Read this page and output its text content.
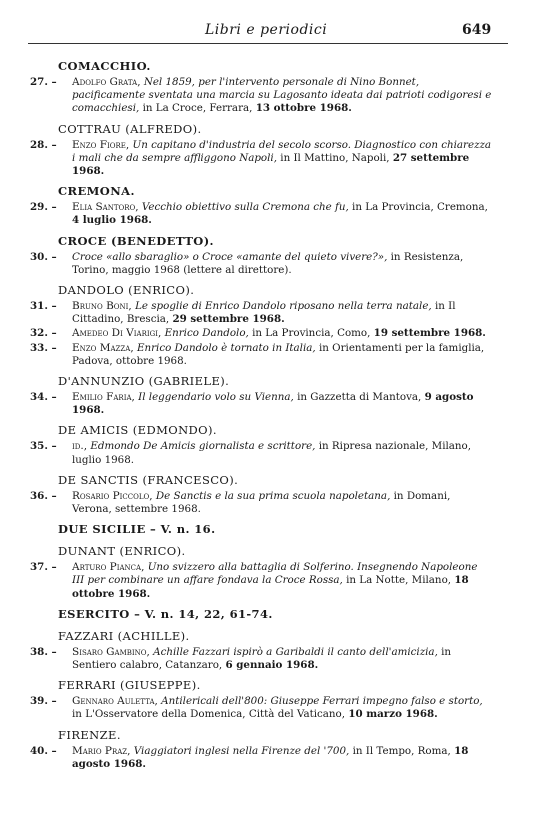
Libri e periodici	649
COMACCHIO.
27. –	Adolfo Grata, Nel 1859, per l'intervento personale di Nino Bonnet, pacificamente sventata una marcia su Lagosanto ideata dai patrioti codigoresi e comacchiesi, in La Croce, Ferrara, 13 ottobre 1968.
COTTRAU (ALFREDO).
28. –	Enzo Fiore, Un capitano d'industria del secolo scorso. Diagnostico con chiarezza i mali che da sempre affliggono Napoli, in Il Mattino, Napoli, 27 settembre 1968.
CREMONA.
29. –	Elia Santoro, Vecchio obiettivo sulla Cremona che fu, in La Provincia, Cremona, 4 luglio 1968.
CROCE (BENEDETTO).
30. –	Croce «allo sbaraglio» o Croce «amante del quieto vivere?», in Resistenza, Torino, maggio 1968 (lettere al direttore).
DANDOLO (ENRICO).
31. –	Bruno Boni, Le spoglie di Enrico Dandolo riposano nella terra natale, in Il Cittadino, Brescia, 29 settembre 1968.
32. –	Amedeo Di Viarigi, Enrico Dandolo, in La Provincia, Como, 19 settembre 1968.
33. –	Enzo Mazza, Enrico Dandolo è tornato in Italia, in Orientamenti per la famiglia, Padova, ottobre 1968.
D'ANNUNZIO (GABRIELE).
34. –	Emilio Faria, Il leggendario volo su Vienna, in Gazzetta di Mantova, 9 agosto 1968.
DE AMICIS (EDMONDO).
35. –	id., Edmondo De Amicis giornalista e scrittore, in Ripresa nazionale, Milano, luglio 1968.
DE SANCTIS (FRANCESCO).
36. –	Rosario Piccolo, De Sanctis e la sua prima scuola napoletana, in Domani, Verona, settembre 1968.
DUE SICILIE – V. n. 16.
DUNANT (ENRICO).
37. –	Arturo Pianca, Uno svizzero alla battaglia di Solferino. Insegnendo Napoleone III per combinare un affare fondava la Croce Rossa, in La Notte, Milano, 18 ottobre 1968.
ESERCITO – V. n. 14, 22, 61-74.
FAZZARI (ACHILLE).
38. –	Sisaro Gambino, Achille Fazzari ispirò a Garibaldi il canto dell'amicizia, in Sentiero calabro, Catanzaro, 6 gennaio 1968.
FERRARI (GIUSEPPE).
39. –	Gennaro Auletta, Antilericali dell'800: Giuseppe Ferrari impegno falso e storto, in L'Osservatore della Domenica, Città del Vaticano, 10 marzo 1968.
FIRENZE.
40. –	Mario Praz, Viaggiatori inglesi nella Firenze del '700, in Il Tempo, Roma, 18 agosto 1968.
